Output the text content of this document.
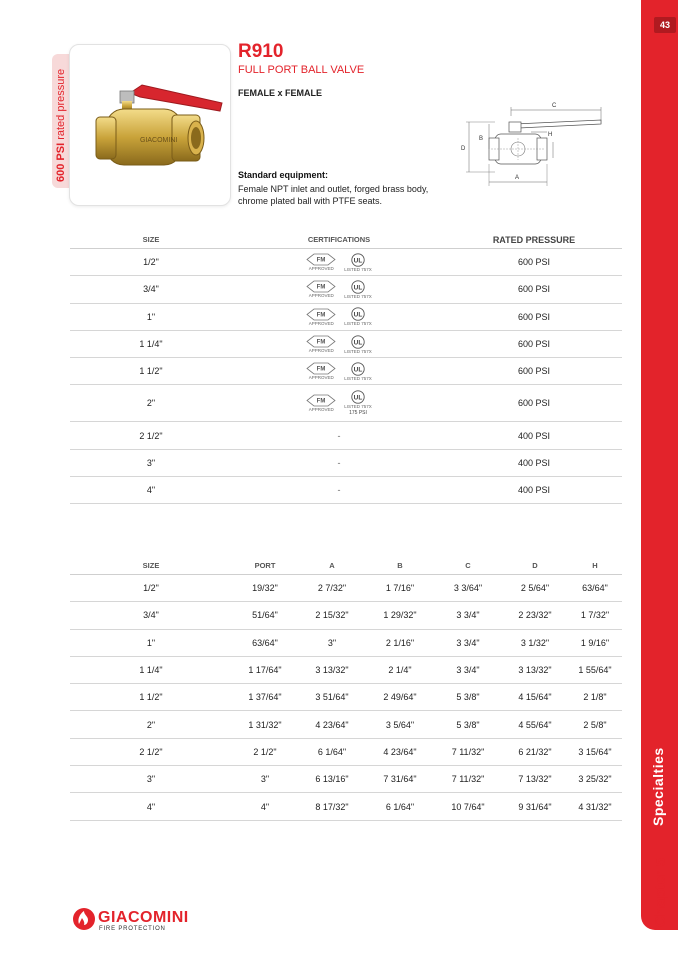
43
Specialties
Chapter 5
600 PSI rated pressure	GIACOMINI
R910
FULL PORT BALL VALVE
FEMALE x FEMALE
Standard equipment:
Female NPT inlet and outlet, forged brass body, chrome plated ball with PTFE seats.
C
H
B
D
A
SIZE	CERTIFICATIONS	RATED PRESSURE
1/2"	FM
APPROVED
UL
LISTED 757X	600 PSI
3/4"	FM
APPROVED
UL
LISTED 757X	600 PSI
1"	FM
APPROVED
UL
LISTED 757X	600 PSI
1 1/4"	FM
APPROVED
UL
LISTED 757X	600 PSI
1 1/2"	FM
APPROVED
UL
LISTED 757X	600 PSI
2"	FM
APPROVED
UL
LISTED 757X
175 PSI	600 PSI
2 1/2"	-	400 PSI
3"	-	400 PSI
4"	-	400 PSI
SIZE	PORT	A	B	C	D	H
1/2"	19/32"	2 7/32"	1 7/16"	3 3/64"	2 5/64"	63/64"
3/4"	51/64"	2 15/32"	1 29/32"	3 3/4"	2 23/32"	1 7/32"
1"	63/64"	3"	2 1/16"	3 3/4"	3 1/32"	1 9/16"
1 1/4"	1 17/64"	3 13/32"	2 1/4"	3 3/4"	3 13/32"	1 55/64"
1 1/2"	1 37/64"	3 51/64"	2 49/64"	5 3/8"	4 15/64"	2 1/8"
2"	1 31/32"	4 23/64"	3 5/64"	5 3/8"	4 55/64"	2 5/8"
2 1/2"	2 1/2"	6 1/64"	4 23/64"	7 11/32"	6 21/32"	3 15/64"
3"	3"	6 13/16"	7 31/64"	7 11/32"	7 13/32"	3 25/32"
4"	4"	8 17/32"	6 1/64"	10 7/64"	9 31/64"	4 31/32"
GIACOMINI
FIRE PROTECTION
